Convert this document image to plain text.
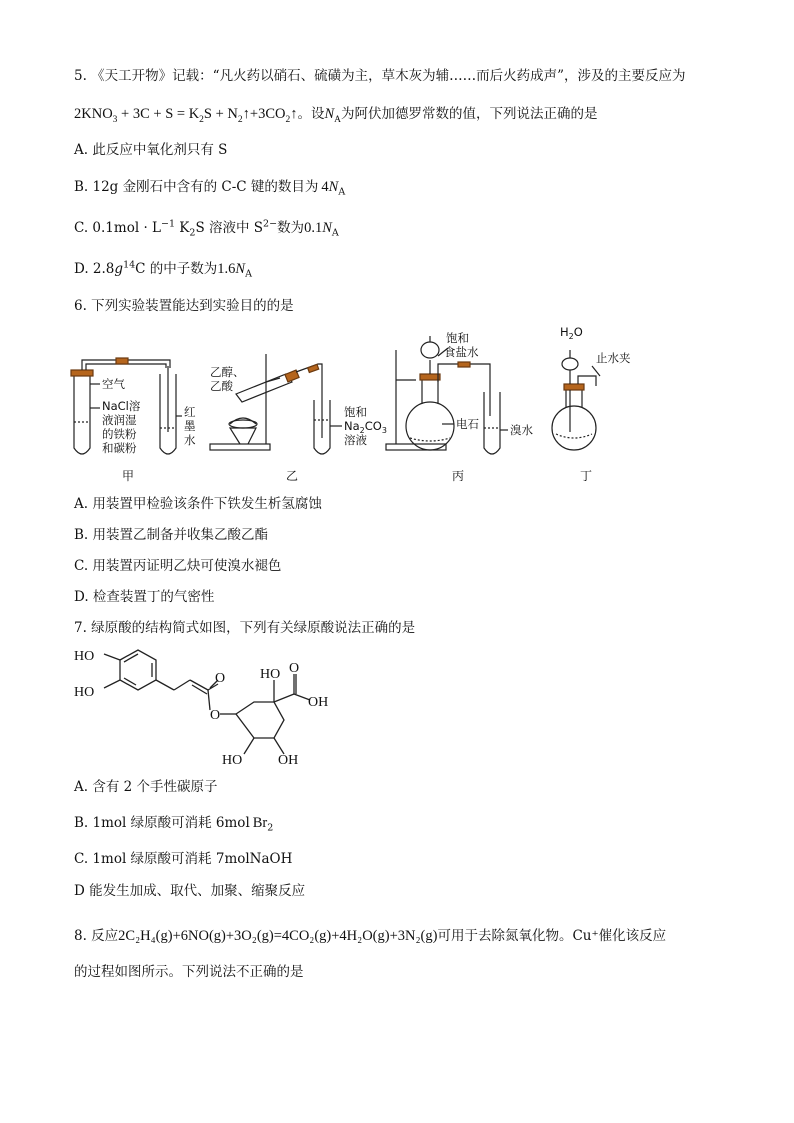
5. 《天工开物》记载：“凡火药以硝石、硫磺为主，草木灰为辅……而后火药成声”，涉及的主要反应为
$2KNO_3 + 3C + S = K_2S$ + $N_2↑+3CO_2↑$。设$N_A$为阿伏加德罗常数的值，下列说法正确的是
A. 此反应中氧化剂只有 S
B. 12g 金刚石中含有的 C-C 键的数目为 $4N_A$
C. $0.1mol \cdot L^{-1}$ $K_2S$ 溶液中 $S^{2-}$数为$0.1N_A$
D. $2.8g^{14}C$ 的中子数为$1.6N_A$
6. 下列实验装置能达到实验目的的是
空气
NaCl溶
液润湿
的铁粉
和碳粉
红
墨
水
甲
乙醇、
乙酸
饱和
$Na_2CO_3$
溶液
乙
饱和
食盐水
电石	溴水
丙
$H_2O$
止水夹
丁
A. 用装置甲检验该条件下铁发生析氢腐蚀
B. 用装置乙制备并收集乙酸乙酯
C. 用装置丙证明乙炔可使溴水褪色
D. 检查装置丁的气密性
7. 绿原酸的结构简式如图，下列有关绿原酸说法正确的是
HO
HO
O
O HO O
OH
HO	OH
A. 含有 2 个手性碳原子
B. 1mol 绿原酸可消耗 6mol $Br_2$
C. 1mol 绿原酸可消耗 7molNaOH
D 能发生加成、取代、加聚、缩聚反应
8. 反应2C₂H₄(g)+6NO(g)+3O₂(g)=4CO₂(g)+4H₂O(g)+3N₂(g)可用于去除氮氧化物。Cu⁺催化该反应
的过程如图所示。下列说法不正确的是
